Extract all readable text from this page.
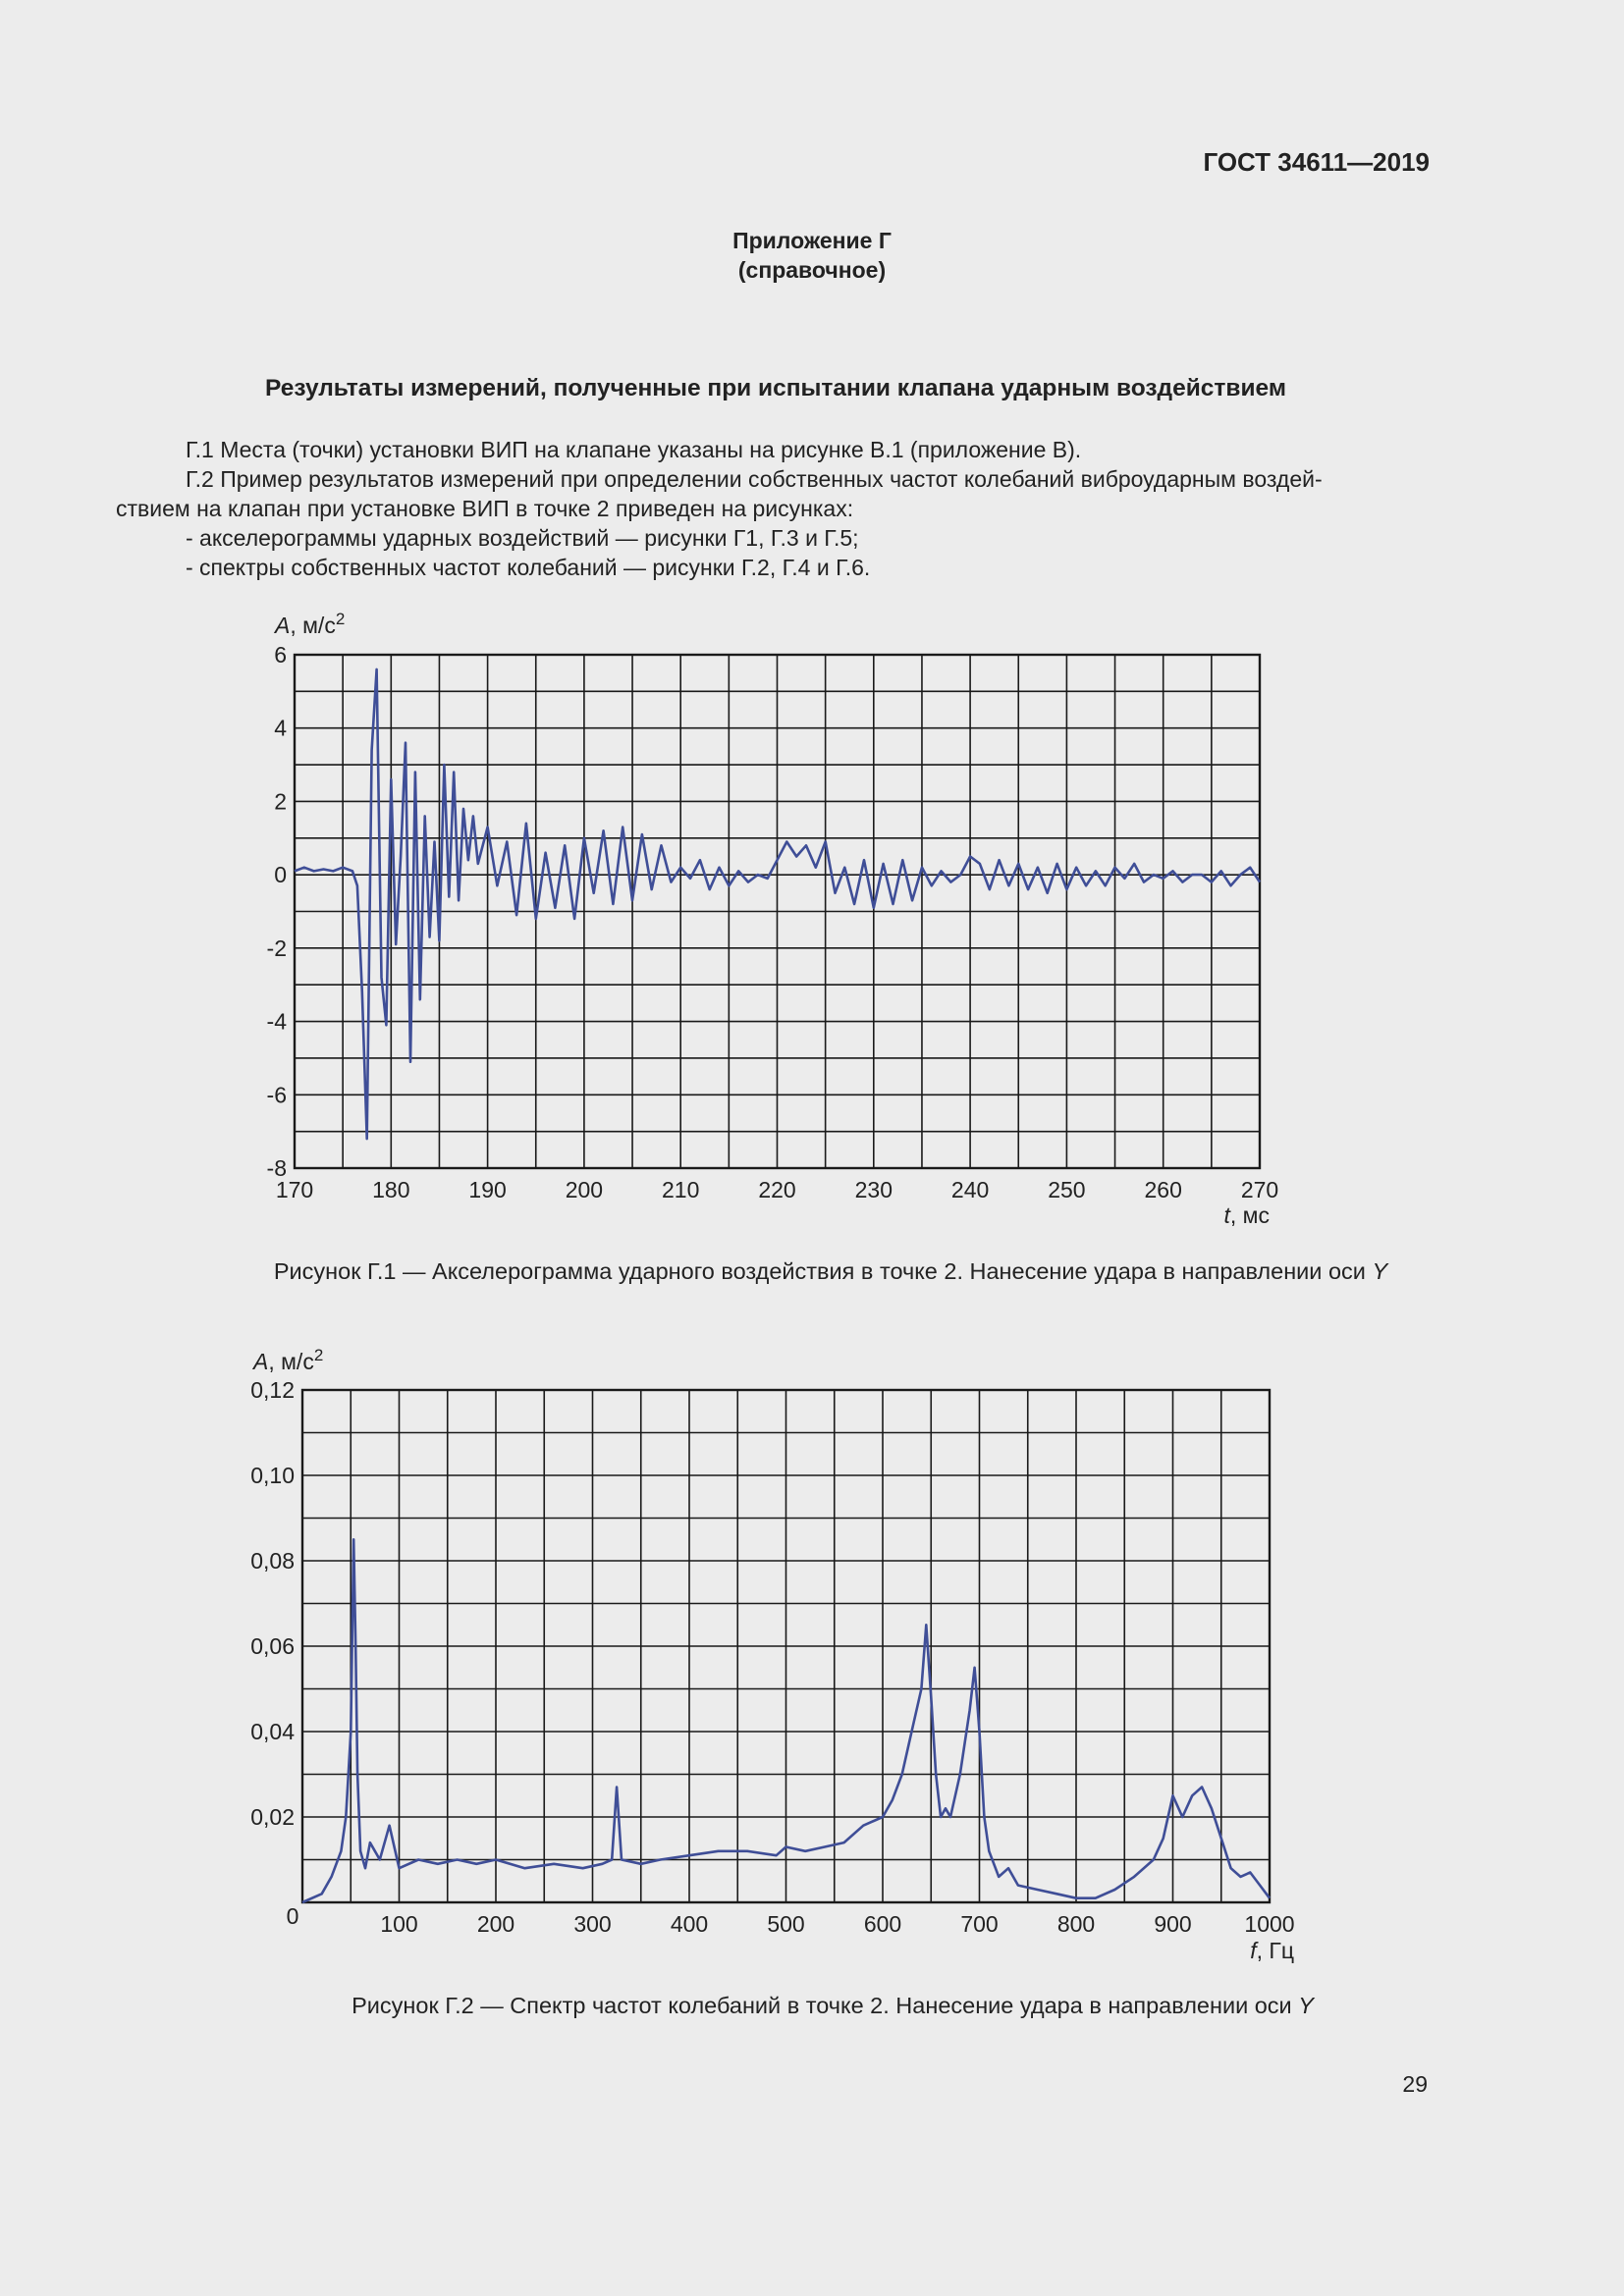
ГОСТ 34611—2019
Приложение Г
(справочное)
Результаты измерений, полученные при испытании клапана ударным воздействием
Г.1 Места (точки) установки ВИП на клапане указаны на рисунке В.1 (приложение В).
Г.2 Пример результатов измерений при определении собственных частот колебаний виброударным воздей-
ствием на клапан при установке ВИП в точке 2 приведен на рисунках:
- акселерограммы ударных воздействий — рисунки Г1, Г.3 и Г.5;
- спектры собственных частот колебаний — рисунки Г.2, Г.4 и Г.6.
170	180	190	200	210	220	230	240	250	260	270
6
4
2
0
-2
-4
-6
-8
A, $м/с^2$
t, мс
Рисунок Г.1 — Акселерограмма ударного воздействия в точке 2. Нанесение удара в направлении оси Y
0	100	200	300	400	500	600	700	800	900 1000
0,12
0,10
0,08
0,06
0,04
0,02
A, $м/с^2$
f, Гц
Рисунок Г.2 — Спектр частот колебаний в точке 2. Нанесение удара в направлении оси Y
29
